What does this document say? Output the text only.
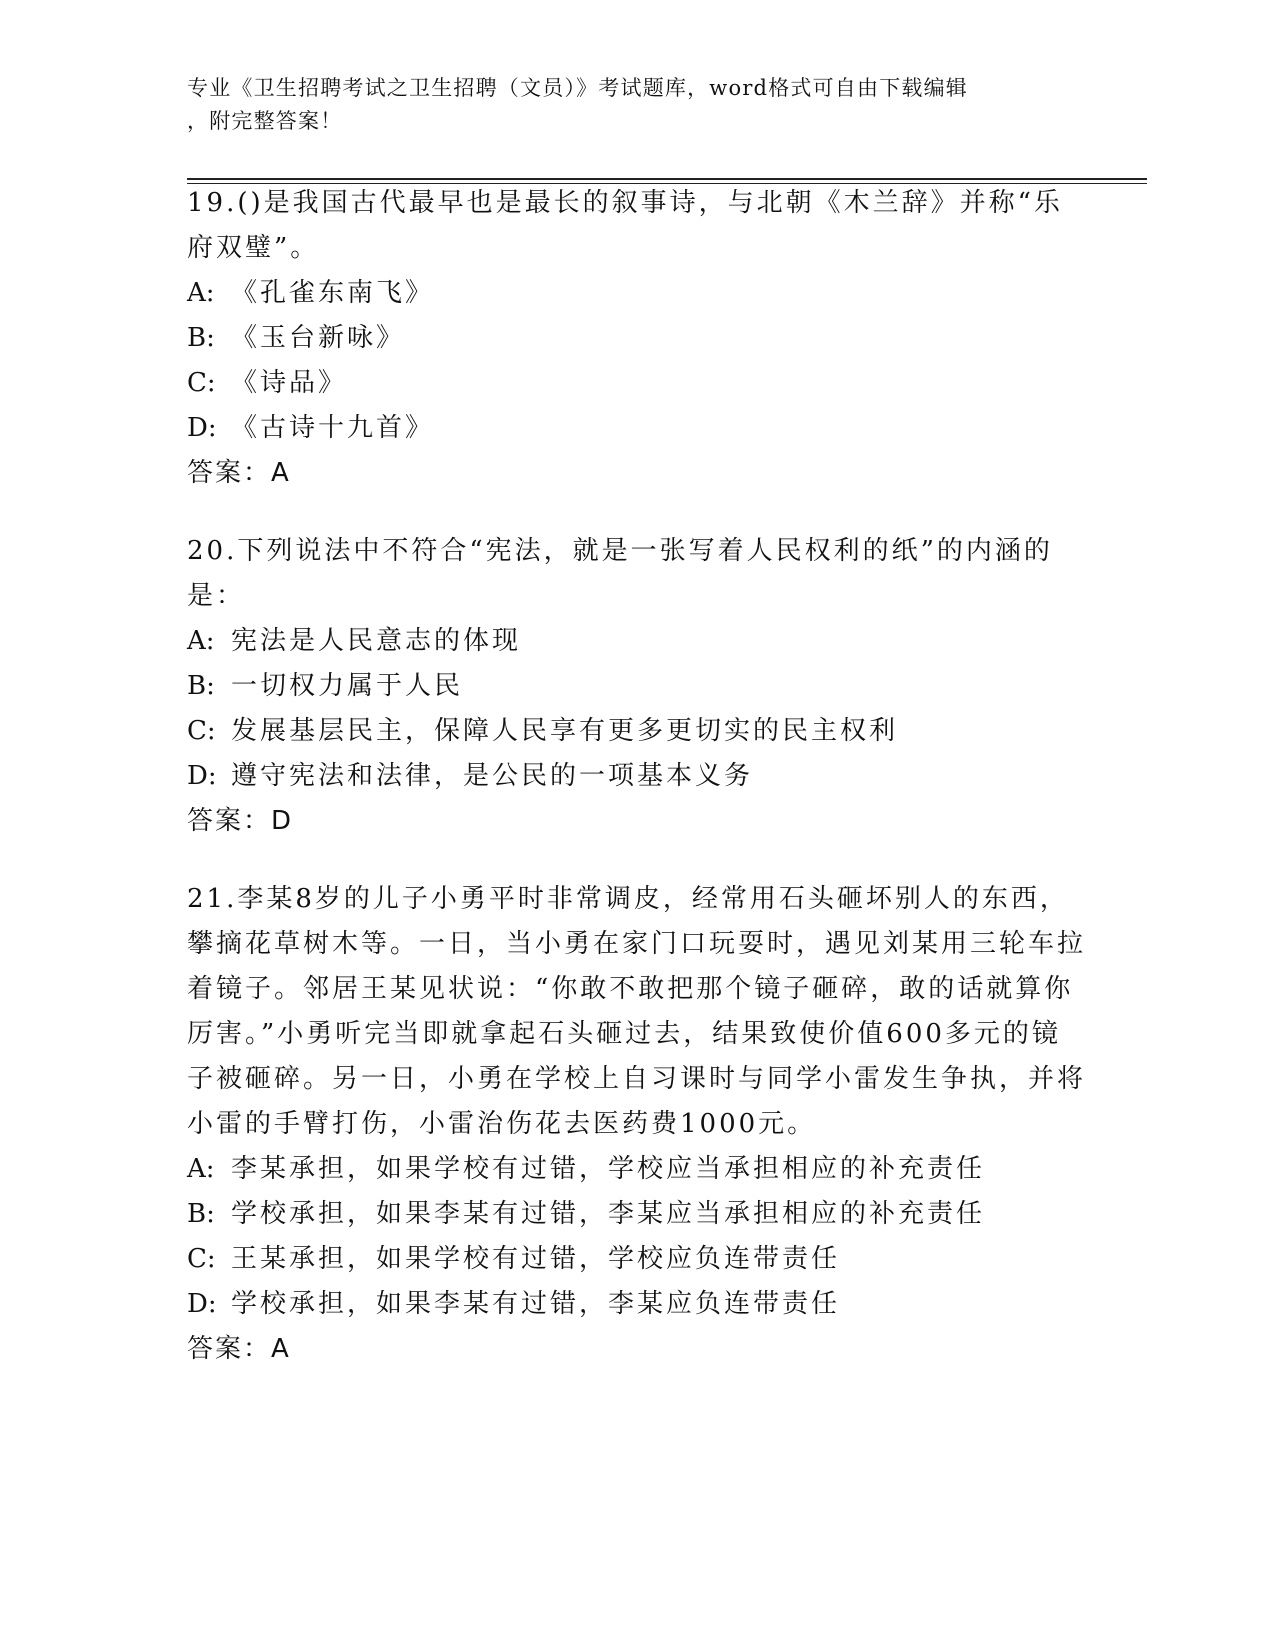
专业《卫生招聘考试之卫生招聘（文员）》考试题库，word格式可自由下载编辑
，附完整答案！

19.()是我国古代最早也是最长的叙事诗，与北朝《木兰辞》并称“乐府双璧”。

A: 《孔雀东南飞》
B: 《玉台新咏》
C: 《诗品》
D: 《古诗十九首》

答案：A

20.下列说法中不符合“宪法，就是一张写着人民权利的纸”的内涵的是：

A: 宪法是人民意志的体现
B: 一切权力属于人民
C: 发展基层民主，保障人民享有更多更切实的民主权利
D: 遵守宪法和法律，是公民的一项基本义务

答案：D

21.李某8岁的儿子小勇平时非常调皮，经常用石头砸坏别人的东西，攀摘花草树木等。一日，当小勇在家门口玩耍时，遇见刘某用三轮车拉着镜子。邻居王某见状说：“你敢不敢把那个镜子砸碎，敢的话就算你厉害。”小勇听完当即就拿起石头砸过去，结果致使价值600多元的镜子被砸碎。另一日，小勇在学校上自习课时与同学小雷发生争执，并将小雷的手臂打伤，小雷治伤花去医药费1000元。

A: 李某承担，如果学校有过错，学校应当承担相应的补充责任
B: 学校承担，如果李某有过错，李某应当承担相应的补充责任
C: 王某承担，如果学校有过错，学校应负连带责任
D: 学校承担，如果李某有过错，李某应负连带责任

答案：A
